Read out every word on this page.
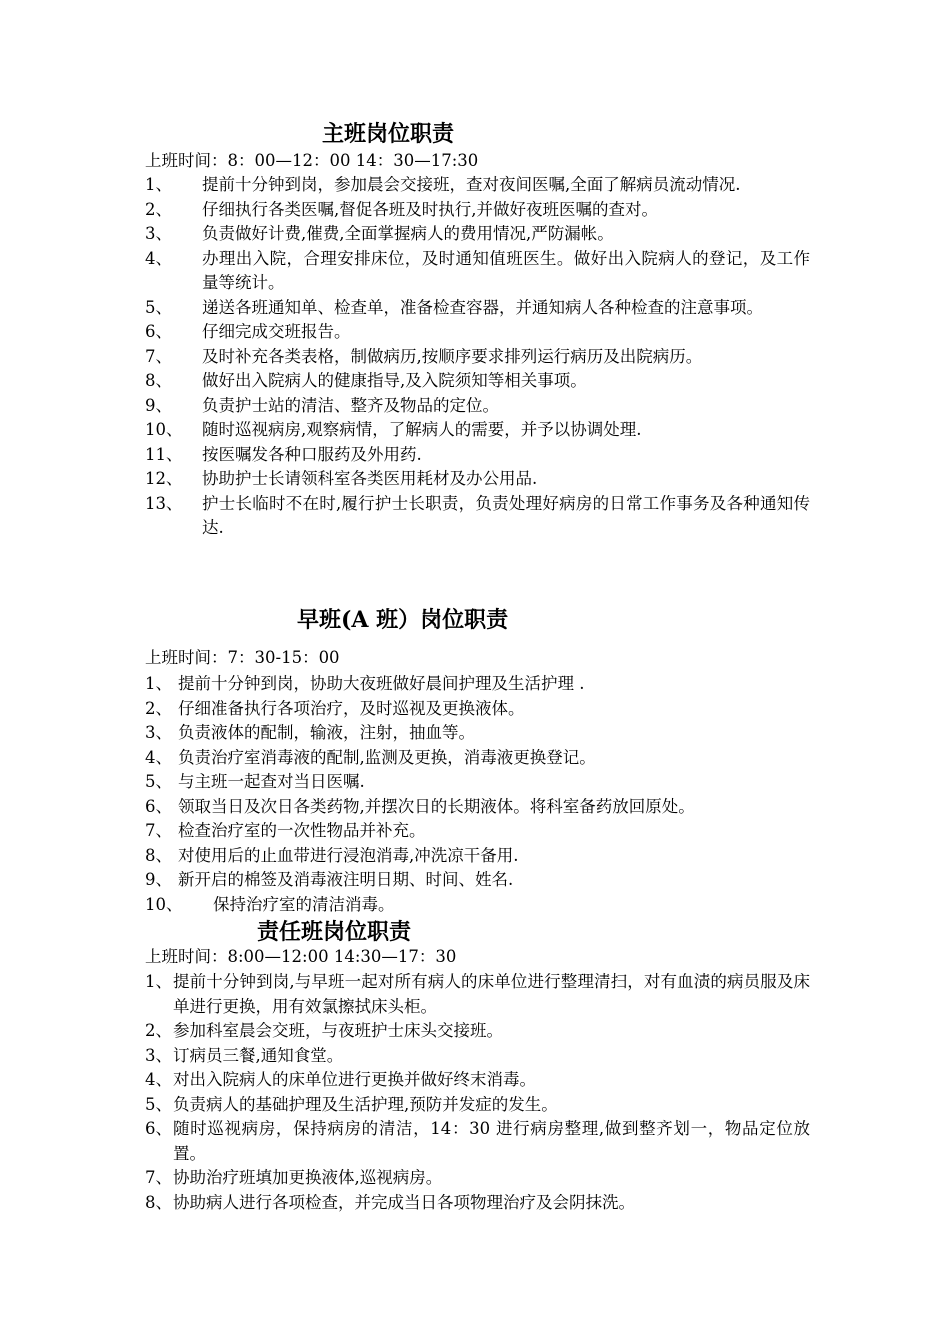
主班岗位职责
上班时间：8：00—12：00 14：30—17:30
1、 提前十分钟到岗，参加晨会交接班，查对夜间医嘱,全面了解病员流动情况.
2、 仔细执行各类医嘱,督促各班及时执行,并做好夜班医嘱的查对。
3、 负责做好计费,催费,全面掌握病人的费用情况,严防漏帐。
4、 办理出入院，合理安排床位，及时通知值班医生。做好出入院病人的登记，及工作量等统计。
5、 递送各班通知单、检查单，准备检查容器，并通知病人各种检查的注意事项。
6、 仔细完成交班报告。
7、 及时补充各类表格，制做病历,按顺序要求排列运行病历及出院病历。
8、 做好出入院病人的健康指导,及入院须知等相关事项。
9、 负责护士站的清洁、整齐及物品的定位。
10、 随时巡视病房,观察病情，了解病人的需要，并予以协调处理.
11、 按医嘱发各种口服药及外用药.
12、 协助护士长请领科室各类医用耗材及办公用品.
13、 护士长临时不在时,履行护士长职责，负责处理好病房的日常工作事务及各种通知传达.
早班(A 班）岗位职责
上班时间：7：30-15：00
1、 提前十分钟到岗，协助大夜班做好晨间护理及生活护理 .
2、 仔细准备执行各项治疗，及时巡视及更换液体。
3、 负责液体的配制，输液，注射，抽血等。
4、 负责治疗室消毒液的配制,监测及更换，消毒液更换登记。
5、 与主班一起查对当日医嘱.
6、 领取当日及次日各类药物,并摆次日的长期液体。将科室备药放回原处。
7、 检查治疗室的一次性物品并补充。
8、 对使用后的止血带进行浸泡消毒,冲洗凉干备用.
9、 新开启的棉签及消毒液注明日期、时间、姓名.
10、 保持治疗室的清洁消毒。
责任班岗位职责
上班时间：8:00—12:00 14:30—17：30
1、 提前十分钟到岗,与早班一起对所有病人的床单位进行整理清扫，对有血渍的病员服及床单进行更换，用有效氯擦拭床头柜。
2、 参加科室晨会交班，与夜班护士床头交接班。
3、 订病员三餐,通知食堂。
4、 对出入院病人的床单位进行更换并做好终末消毒。
5、 负责病人的基础护理及生活护理,预防并发症的发生。
6、 随时巡视病房，保持病房的清洁，14：30 进行病房整理,做到整齐划一，物品定位放置。
7、 协助治疗班填加更换液体,巡视病房。
8、 协助病人进行各项检查，并完成当日各项物理治疗及会阴抹洗。
